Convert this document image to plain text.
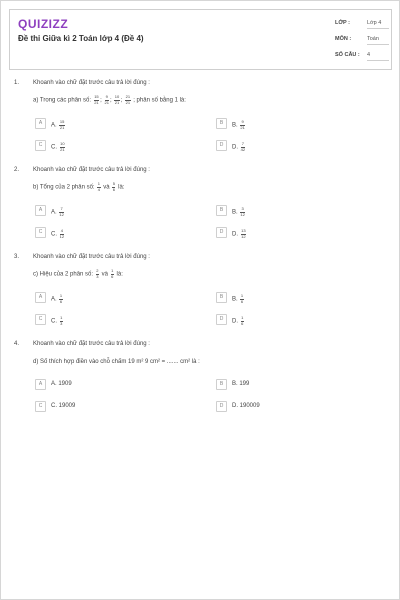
QUIZIZZ
Đề thi Giữa kì 2 Toán lớp 4 (Đề 4)
LỚP :	Lớp 4
MÔN :	Toán
SỐ CÂU : 4
1. Khoanh vào chữ đặt trước câu trả lời đúng :
a) Trong các phân số: $\frac{15}{21}$ ; $\frac{9}{21}$ ; $\frac{10}{21}$ ; $\frac{21}{21}$ ; phân số bằng 1 là:
A	A. $\frac{15}{21}$	B	B. $\frac{9}{21}$
C	C. $\frac{10}{21}$	D	D. $\frac{7}{42}$
2. Khoanh vào chữ đặt trước câu trả lời đúng :
b) Tổng của 2 phân số: $\frac{1}{4}$ và $\frac{5}{6}$ là:
A	A. $\frac{7}{12}$	B	B. $\frac{3}{12}$
C	C. $\frac{4}{12}$	D	D. $\frac{13}{12}$
3. Khoanh vào chữ đặt trước câu trả lời đúng :
c) Hiệu của 2 phân số: $\frac{2}{3}$ và $\frac{1}{6}$ là:
A	A. $\frac{1}{6}$	B	B. $\frac{1}{6}$
C	C. $\frac{1}{3}$	D	D. $\frac{1}{6}$
4. Khoanh vào chữ đặt trước câu trả lời đúng :
d) Số thích hợp điền vào chỗ chấm 19 m² 9 cm² = ....... cm² là :
A	A. 1909	B	B. 199
C	C. 19009	D	D. 190009
